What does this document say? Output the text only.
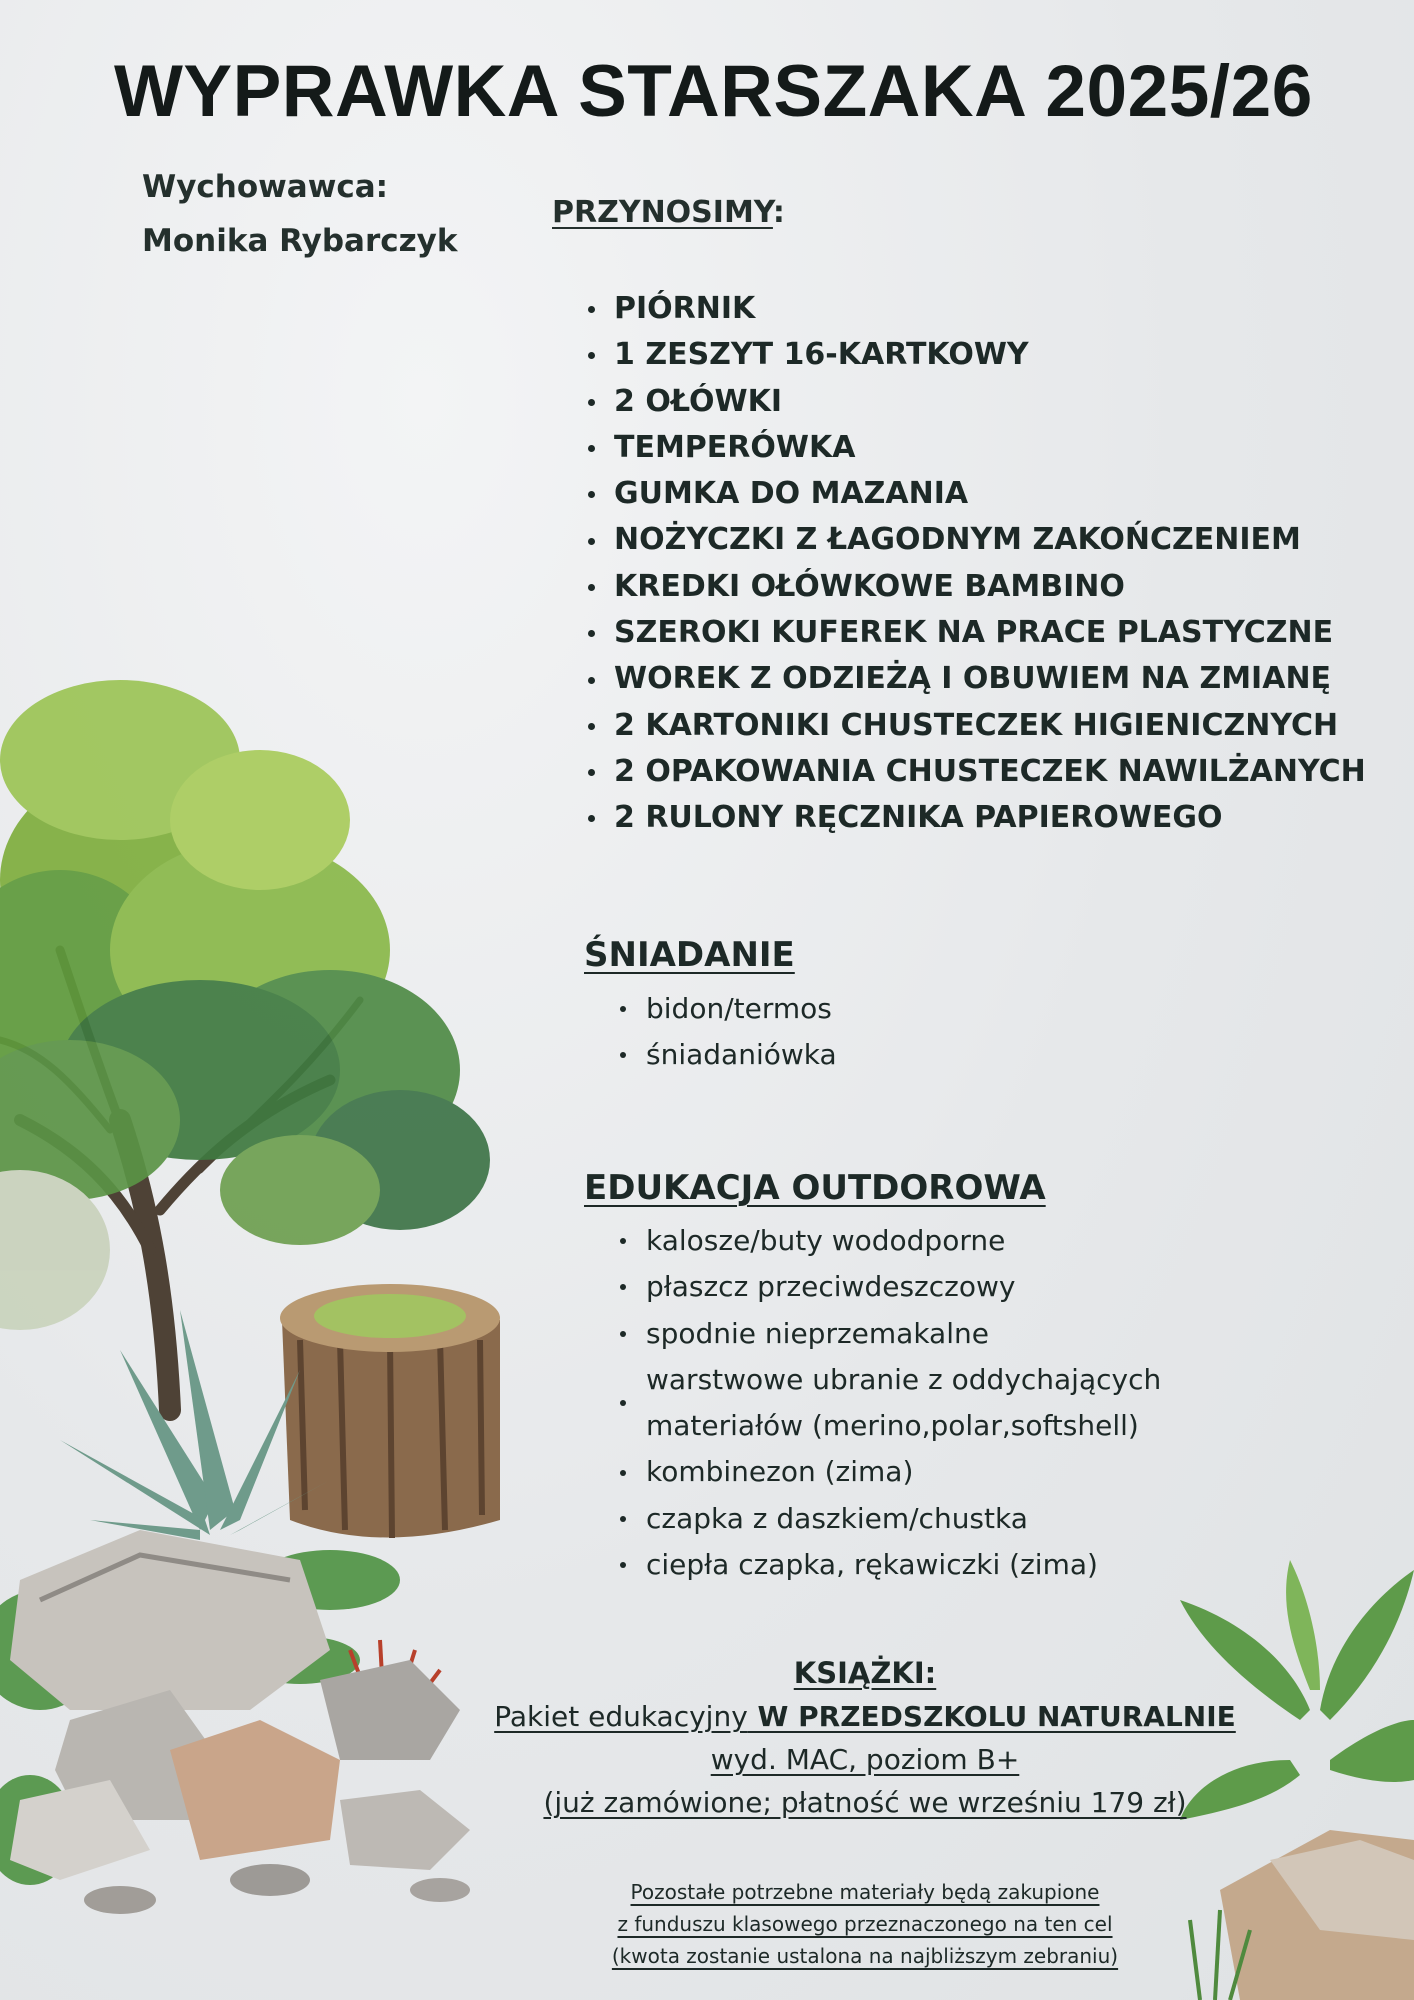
WYPRAWKA STARSZAKA 2025/26
Wychowawca:
Monika Rybarczyk
PRZYNOSIMY:
PIÓRNIK
1 ZESZYT 16-KARTKOWY
2 OŁÓWKI
TEMPERÓWKA
GUMKA DO MAZANIA
NOŻYCZKI Z ŁAGODNYM ZAKOŃCZENIEM
KREDKI OŁÓWKOWE BAMBINO
SZEROKI KUFEREK NA PRACE PLASTYCZNE
WOREK Z ODZIEŻĄ I OBUWIEM NA ZMIANĘ
2 KARTONIKI CHUSTECZEK HIGIENICZNYCH
2 OPAKOWANIA CHUSTECZEK NAWILŻANYCH
2 RULONY RĘCZNIKA PAPIEROWEGO
ŚNIADANIE
bidon/termos
śniadaniówka
EDUKACJA OUTDOROWA
kalosze/buty wododporne
płaszcz przeciwdeszczowy
spodnie nieprzemakalne
warstwowe ubranie z oddychających
materiałów (merino,polar,softshell)
kombinezon (zima)
czapka z daszkiem/chustka
ciepła czapka, rękawiczki (zima)
KSIĄŻKI:
Pakiet edukacyjny W PRZEDSZKOLU NATURALNIE
wyd. MAC, poziom B+
(już zamówione; płatność we wrześniu 179 zł)
Pozostałe potrzebne materiały będą zakupione
z funduszu klasowego przeznaczonego na ten cel
(kwota zostanie ustalona na najbliższym zebraniu)
